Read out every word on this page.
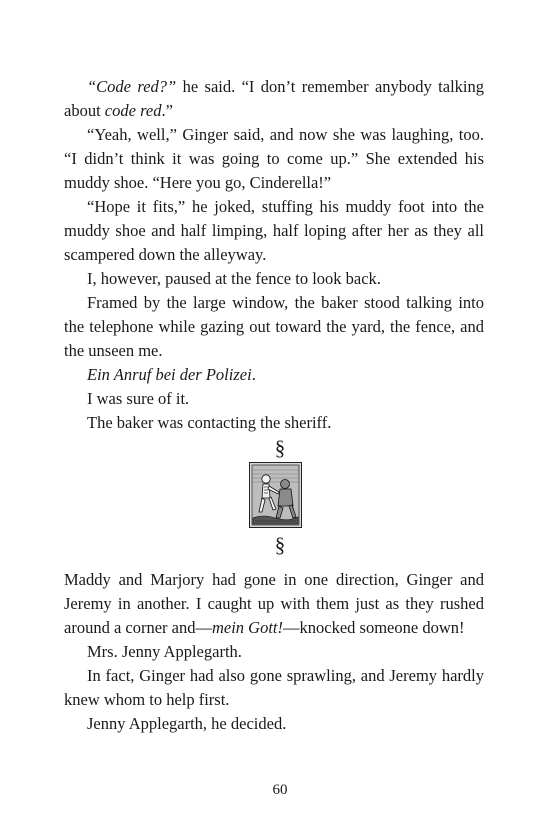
“Code red?” he said. “I don’t remember anybody talking about code red.”

“Yeah, well,” Ginger said, and now she was laughing, too. “I didn’t think it was going to come up.” She extended his muddy shoe. “Here you go, Cinderella!”

“Hope it fits,” he joked, stuffing his muddy foot into the muddy shoe and half limping, half loping after her as they all scampered down the alleyway.

I, however, paused at the fence to look back.

Framed by the large window, the baker stood talking into the telephone while gazing out toward the yard, the fence, and the unseen me.

Ein Anruf bei der Polizei.

I was sure of it.

The baker was contacting the sheriff.

§
§

Maddy and Marjory had gone in one direction, Ginger and Jeremy in another. I caught up with them just as they rushed around a corner and—mein Gott!—knocked someone down!

Mrs. Jenny Applegarth.

In fact, Ginger had also gone sprawling, and Jeremy hardly knew whom to help first.

Jenny Applegarth, he decided.

60
